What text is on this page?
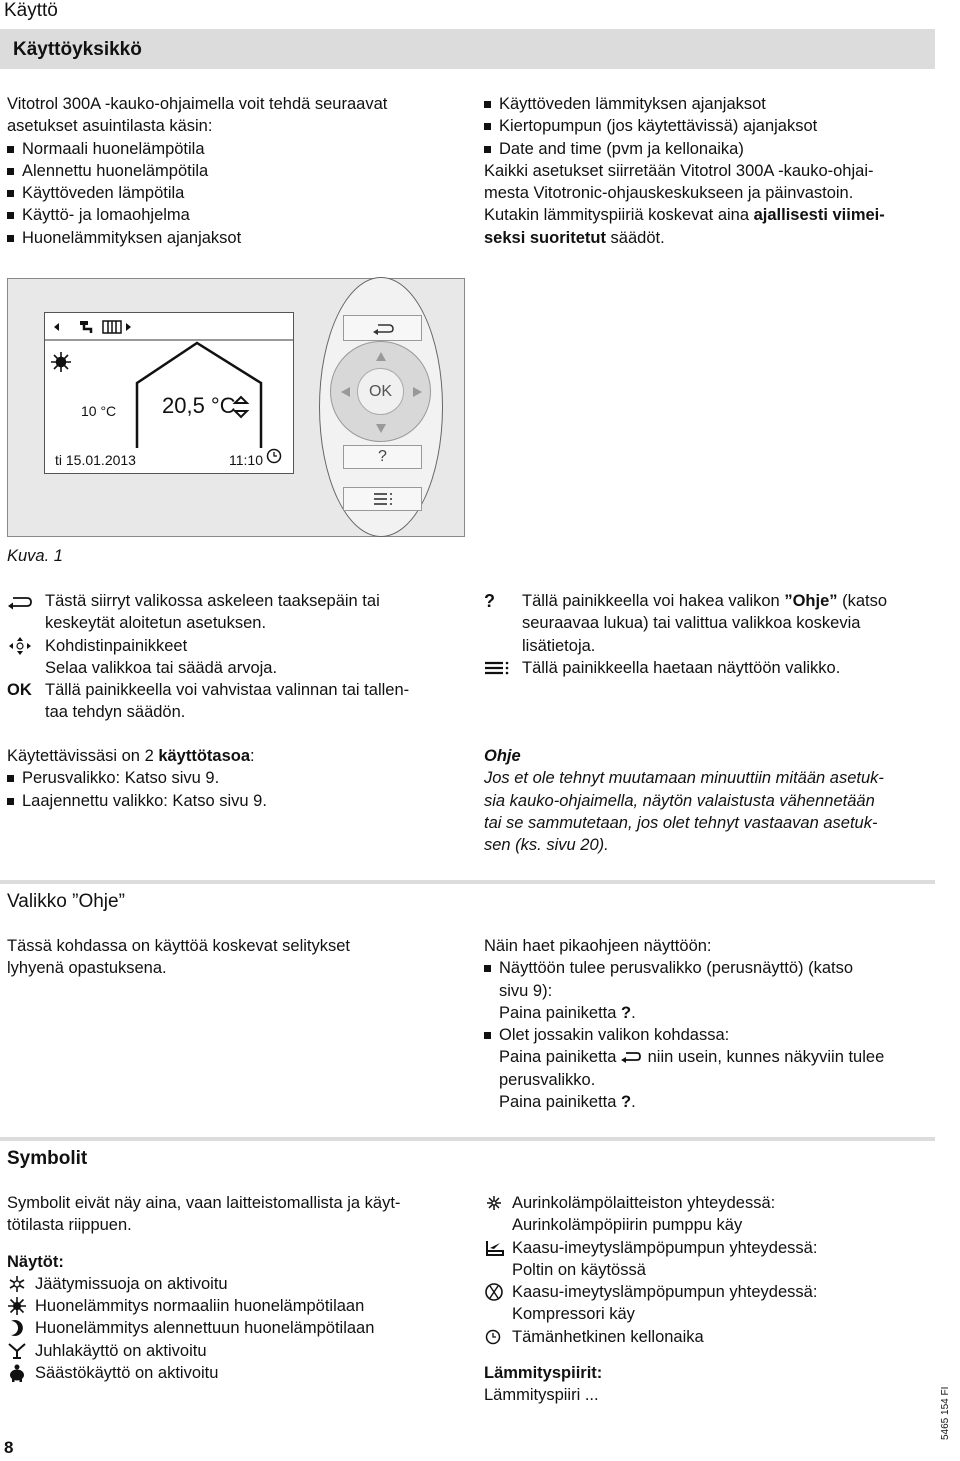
Käyttö
Käyttöyksikkö
Vitotrol 300A -kauko-ohjaimella voit tehdä seuraavat
asetukset asuintilasta käsin:
Normaali huonelämpötila
Alennettu huonelämpötila
Käyttöveden lämpötila
Käyttö- ja lomaohjelma
Huonelämmityksen ajanjaksot
Käyttöveden lämmityksen ajanjaksot
Kiertopumpun (jos käytettävissä) ajanjaksot
Date and time (pvm ja kellonaika)
Kaikki asetukset siirretään Vitotrol 300A -kauko-ohjai-
mesta Vitotronic-ohjauskeskukseen ja päinvastoin.
Kutakin lämmityspiiriä koskevat aina ajallisesti viimei-
seksi suoritetut säädöt.
10 °C 20,5 °C
ti 15.01.2013	11:10
OK
?
Kuva. 1
Tästä siirryt valikossa askeleen taaksepäin tai
keskeytät aloitetun asetuksen.
Kohdistinpainikkeet
Selaa valikkoa tai säädä arvoja.
OK Tällä painikkeella voi vahvistaa valinnan tai tallen-
taa tehdyn säädön.
Käytettävissäsi on 2 käyttötasoa:
Perusvalikko: Katso sivu 9.
Laajennettu valikko: Katso sivu 9.
? Tällä painikkeella voi hakea valikon ”Ohje” (katso
seuraavaa lukua) tai valittua valikkoa koskevia
lisätietoja.
Tällä painikkeella haetaan näyttöön valikko.
Ohje
Jos et ole tehnyt muutamaan minuuttiin mitään asetuk-
sia kauko-ohjaimella, näytön valaistusta vähennetään
tai se sammutetaan, jos olet tehnyt vastaavan asetuk-
sen (ks. sivu 20).
Valikko ”Ohje”
Tässä kohdassa on käyttöä koskevat selitykset
lyhyenä opastuksena.
Näin haet pikaohjeen näyttöön:
Näyttöön tulee perusvalikko (perusnäyttö) (katso
sivu 9):
Paina painiketta ?.
Olet jossakin valikon kohdassa:
Paina painiketta niin usein, kunnes näkyviin tulee
perusvalikko.
Paina painiketta ?.
Symbolit
Symbolit eivät näy aina, vaan laitteistomallista ja käyt-
tötilasta riippuen.
Näytöt:
Jäätymissuoja on aktivoitu
Huonelämmitys normaaliin huonelämpötilaan
Huonelämmitys alennettuun huonelämpötilaan
Juhlakäyttö on aktivoitu
Säästökäyttö on aktivoitu
Aurinkolämpölaitteiston yhteydessä:
Aurinkolämpöpiirin pumppu käy
Kaasu-imeytyslämpöpumpun yhteydessä:
Poltin on käytössä
Kaasu-imeytyslämpöpumpun yhteydessä:
Kompressori käy
Tämänhetkinen kellonaika
Lämmityspiirit:
Lämmityspiiri ...
8
5465 154 FI
